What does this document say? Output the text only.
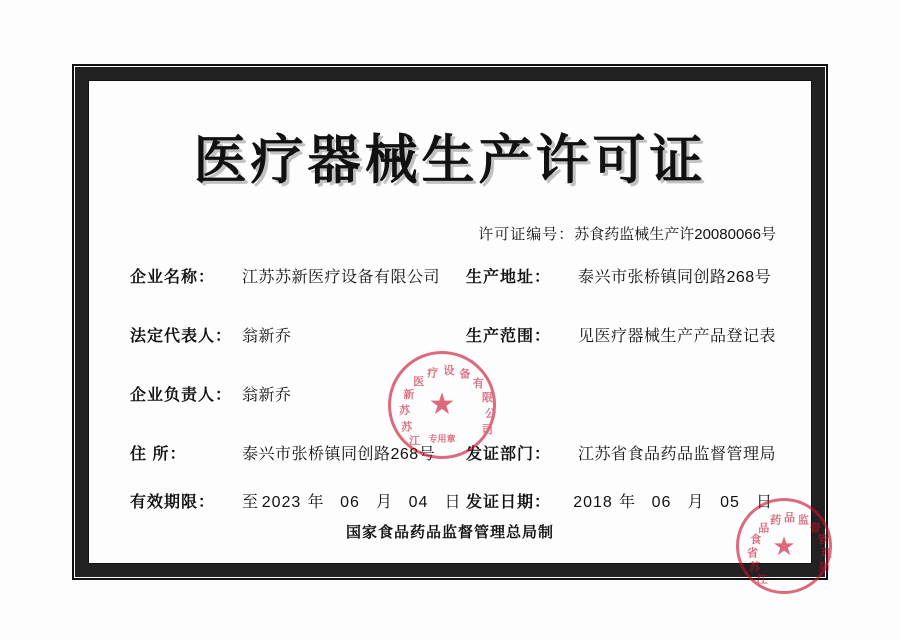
医疗器械生产许可证
许可证编号：苏食药监械生产许20080066号
企业名称： 江苏苏新医疗设备有限公司
法定代表人： 翁新乔
企业负责人： 翁新乔
住 所：	泰兴市张桥镇同创路268号
有效期限： 至 2023 年 06 月 04 日
生产地址： 泰兴市张桥镇同创路268号
生产范围： 见医疗器械生产产品登记表
发证部门： 江苏省食品药品监督管理局
发证日期： 2018 年 06 月 05 日
国家食品药品监督管理总局制
江
苏
苏
新
医
疗 设 备
有
限
公
司
★
专用章
江
苏
省
食
品
药 品 监
督
管
理
局
★
